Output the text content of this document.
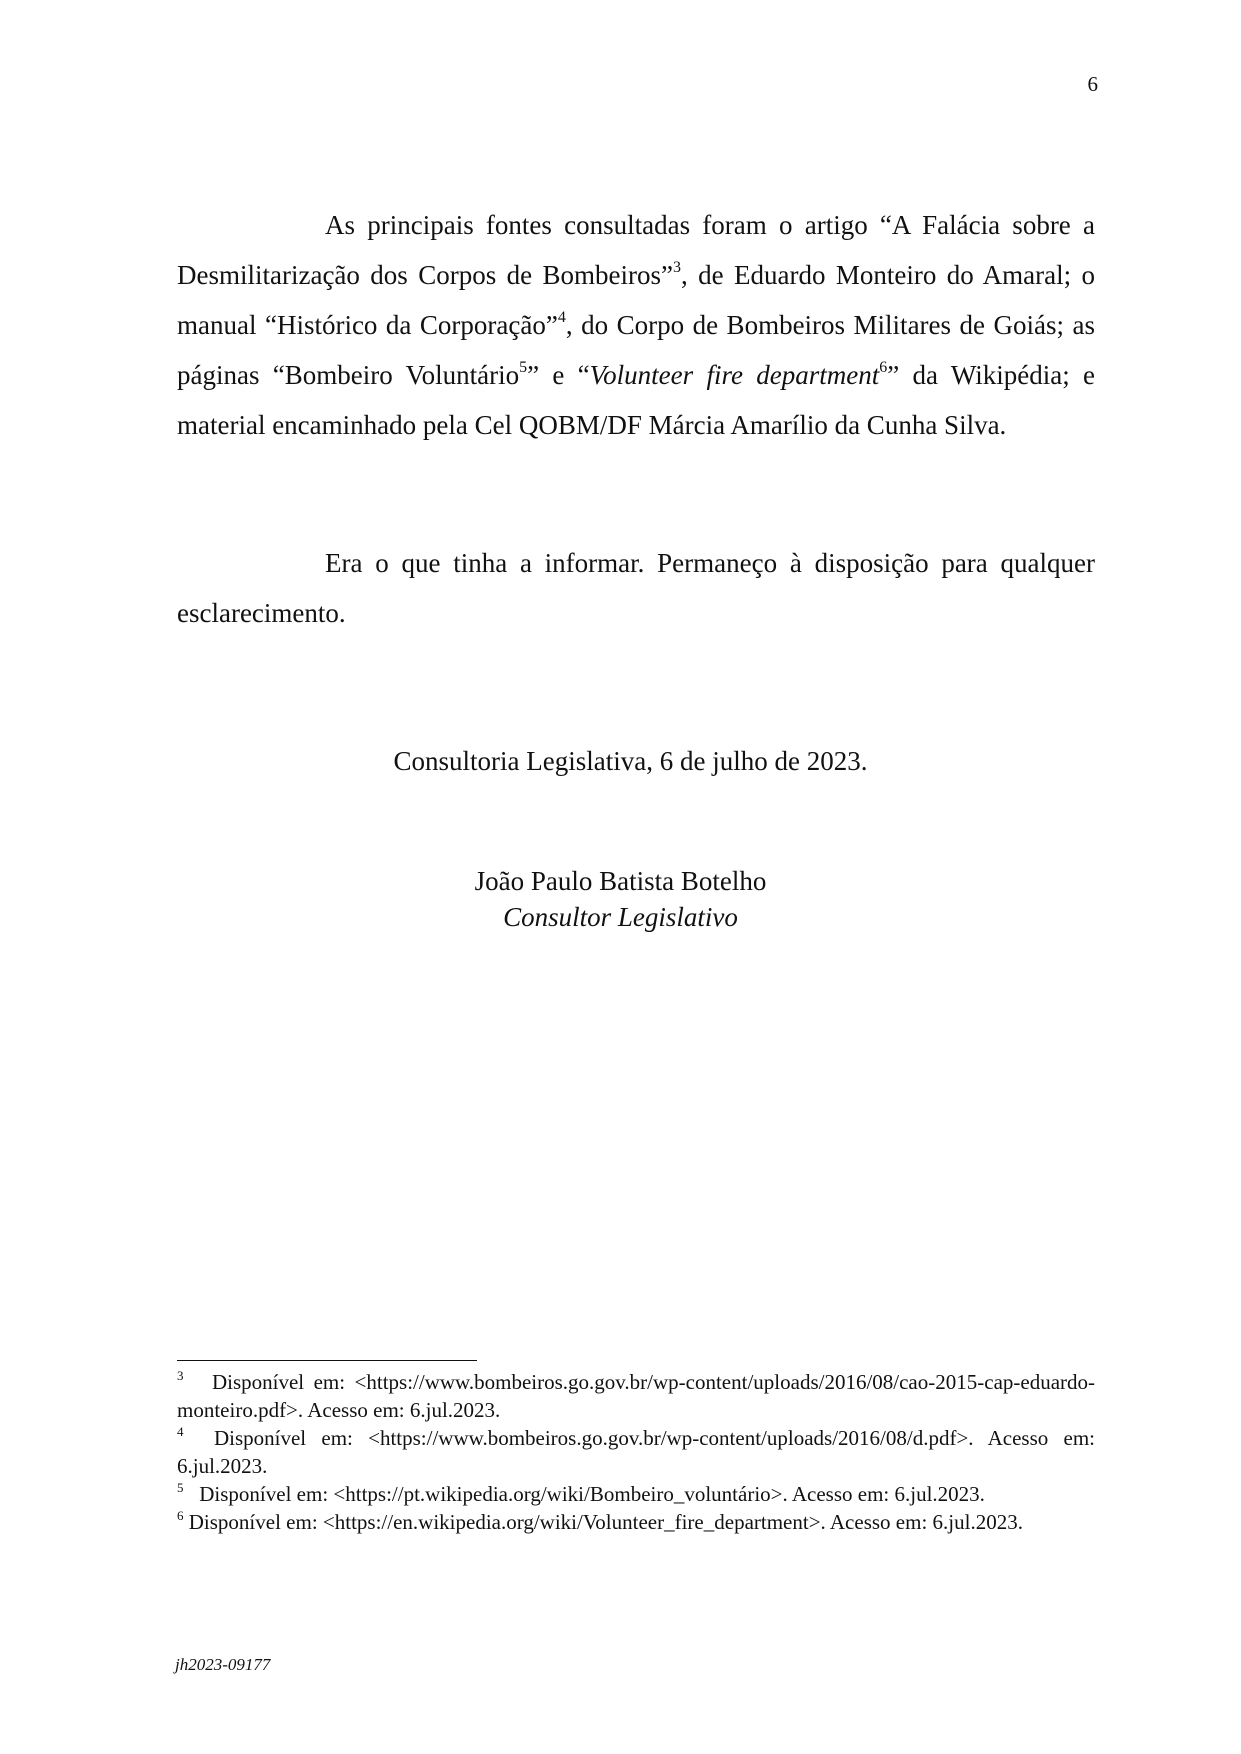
6

As principais fontes consultadas foram o artigo “A Falácia sobre a Desmilitarização dos Corpos de Bombeiros”$^3$, de Eduardo Monteiro do Amaral; o manual “Histórico da Corporação”$^4$, do Corpo de Bombeiros Militares de Goiás; as páginas “Bombeiro Voluntário$^5$” e “Volunteer fire department$^6$” da Wikipédia; e material encaminhado pela Cel QOBM/DF Márcia Amarílio da Cunha Silva.

Era o que tinha a informar. Permaneço à disposição para qualquer esclarecimento.

Consultoria Legislativa, 6 de julho de 2023.
João Paulo Batista Botelho
Consultor Legislativo

$^3$ Disponível em: <https://www.bombeiros.go.gov.br/wp-content/uploads/2016/08/cao-2015-cap-eduardo-monteiro.pdf>. Acesso em: 6.jul.2023.

$^4$ Disponível em: <https://www.bombeiros.go.gov.br/wp-content/uploads/2016/08/d.pdf>. Acesso em: 6.jul.2023.

$^5$ Disponível em: <https://pt.wikipedia.org/wiki/Bombeiro_voluntário>. Acesso em: 6.jul.2023.

$^6$ Disponível em: <https://en.wikipedia.org/wiki/Volunteer_fire_department>. Acesso em: 6.jul.2023.

jh2023-09177
